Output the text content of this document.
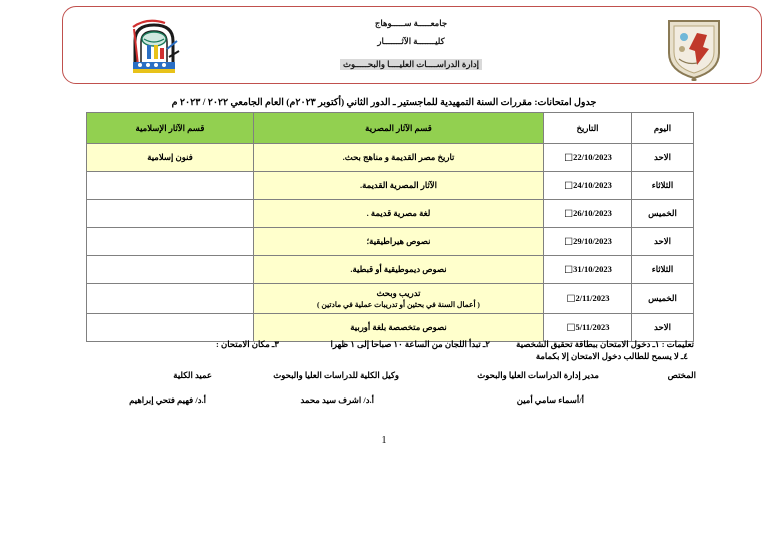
جامعـــــة ســـــوهاج
كليـــــــة الآثـــــــار
إدارة الدراســــات العليــــا والبحـــــوث
جدول امتحانات: مقررات السنة التمهيدية للماجستير ـ الدور الثاني (أكتوبر ٢٠٢٣م) العام الجامعي ٢٠٢٢ / ٢٠٢٣ م
اليوم	التاريخ	قسم الآثار المصرية	قسم الآثار الإسلامية
الاحد	☐22/10/2023	تاريخ مصر القديمة و مناهج بحث.	فنون إسلامية
الثلاثاء	☐24/10/2023	الآثار المصرية القديمة.	
الخميس	☐26/10/2023	لغة مصرية قديمة .	
الاحد	☐29/10/2023	نصوص هيراطيقية؛	
الثلاثاء	☐31/10/2023	نصوص ديموطيقية أو قبطية.	
الخميس	☐2/11/2023	تدريب وبحث
( أعمال السنة في بحثين أو تدريبات عملية في مادتين )	

الاحد	☐5/11/2023	نصوص متخصصة بلغة أوربية	
تعليمات : ١ـ دخول الامتحان ببطاقة تحقيق الشخصية
٢ـ تبدأ اللجان من الساعة ١٠ صباحا إلى ١ ظهرا
٣ـ مكان الامتحان :
٤ـ لا يسمح للطالب دخول الامتحان إلا بكمامة
المختص
مدير إدارة الدراسات العليا والبحوث
وكيل الكلية للدراسات العليا والبحوث
عميد الكلية
أ/أسماء سامي أمين
أ.د/ اشرف سيد محمد
أ.د/ فهيم فتحي إبراهيم
1
